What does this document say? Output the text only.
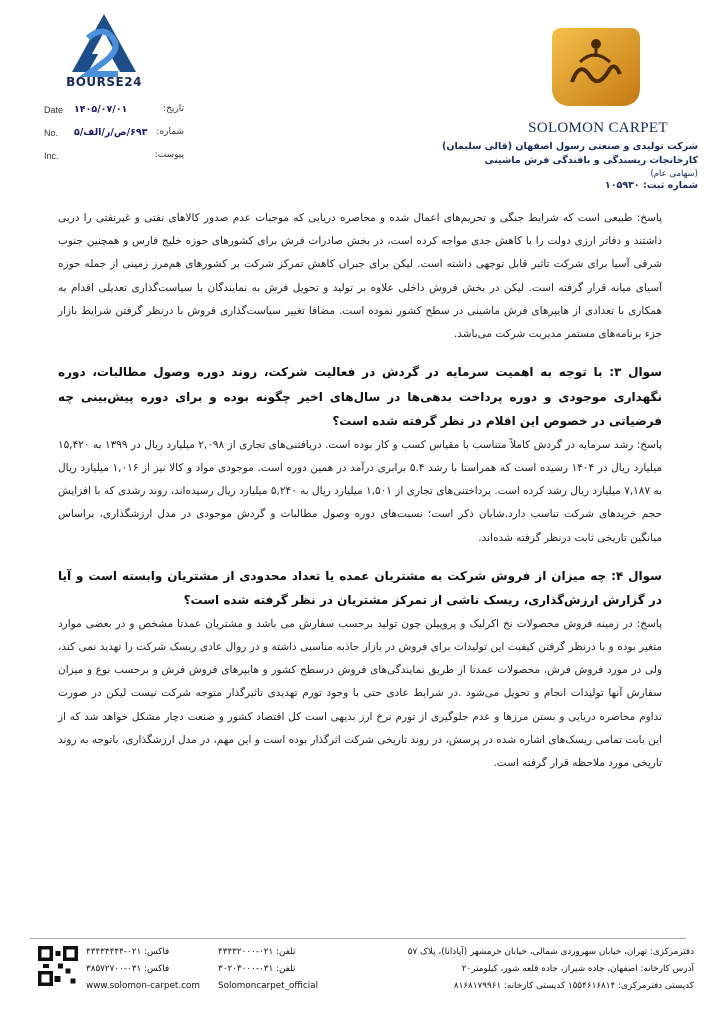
BOURSE24
SOLOMON CARPET
شرکت تولیدی و صنعتی رسول اصفهان (قالی سلیمان)
کارخانجات ریسندگی و بافندگی فرش ماشینی
(سهامی عام)
شماره ثبت: ۱۰۵۹۳۰
Date ۱۴۰۵/۰۷/۰۱	تاریخ:
No. ۶۹۳/ص/ر/الف/۵ شماره:
Inc.	پیوست:

پاسخ: طبیعی است که شرایط جنگی و تحریم‌های اعمال شده و محاصره دریایی که موجبات عدم صدور کالاهای نفتی و غیرنفتی را دربی داشتند و دفاتر ارزی دولت را با کاهش جدی مواجه کرده است، در بخش صادرات فرش برای کشورهای حوزه خلیج فارس و همچنین جنوب شرقی آسیا برای شرکت تاثیر قابل توجهی داشته است. لیکن برای جبران کاهش تمرکز شرکت بر کشورهای هم‌مرز زمینی از جمله حوزه آسیای میانه قرار گرفته است. لیکن در بخش فروش داخلی علاوه بر تولید و تحویل فرش به نمایندگان با سیاست‌گذاری تعدیلی اقدام به همکاری با تعدادی از هایپرهای فرش ماشینی در سطح کشور نموده است. مضافا تغییر سیاست‌گذاری فروش با درنظر گرفتن شرایط بازار جزء برنامه‌های مستمر مدیریت شرکت می‌باشد.

سوال ۳: با توجه به اهمیت سرمایه در گردش در فعالیت شرکت، روند دوره وصول مطالبات، دوره نگهداری موجودی و دوره پرداخت بدهی‌ها در سال‌های اخیر چگونه بوده و برای دوره پیش‌بینی چه فرضیاتی در خصوص این اقلام در نظر گرفته شده است؟

پاسخ: رشد سرمایه در گردش کاملاً متناسب با مقیاس کسب و کار بوده است. دریافتنی‌های تجاری از ۲,۰۹۸ میلیارد ریال در ۱۳۹۹ به ۱۵,۴۲۰ میلیارد ریال در ۱۴۰۴ رسیده است که همراستا با رشد ۵.۴ برابری درآمد در همین دوره است. موجودی مواد و کالا نیز از ۱,۰۱۶ میلیارد ریال به ۷,۱۸۷ میلیارد ریال رشد کرده است. پرداختنی‌های تجاری از ۱,۵۰۱ میلیارد ریال به ۵,۲۴۰ میلیارد ریال رسیده‌اند، روند رشدی که با افزایش حجم خریدهای شرکت تناسب دارد.شایان ذکر است؛ نسبت‌های دوره وصول مطالبات و گردش موجودی در مدل ارزشگذاری، براساس میانگین تاریخی ثابت درنظر گرفته شده‌اند.

سوال ۴: چه میزان از فروش شرکت به مشتریان عمده یا تعداد محدودی از مشتریان وابسته است و آیا در گزارش ارزش‌گذاری، ریسک ناشی از تمرکز مشتریان در نظر گرفته شده است؟

پاسخ: در زمینه فروش محصولات نخ اکرلیک و پروپیلن چون تولید برحسب سفارش می باشد و مشتریان عمدتا مشخص و در بعضی موارد متغیر بوده و با درنظر گرفتن کیفیت این تولیدات برای فروش در بازار جاذبه مناسبی داشته و در روال عادی ریسک شرکت را تهدید نمی کند، ولی در مورد فروش فرش، محصولات عمدتا از طریق نمایندگی‌های فروش درسطح کشور و هایپرهای فروش فرش و برحسب نوع و میزان سفارش آنها تولیدات انجام و تحویل می‌شود .در شرایط عادی حتی با وجود تورم تهدیدی تاثیرگذار متوجه شرکت نیست لیکن در صورت تداوم محاصره دریایی و بستن مرزها و عدم جلوگیری از تورم نرخ ارز بدیهی است کل اقتصاد کشور و صنعت دچار مشکل خواهد شد که از این بابت تمامی ریسک‌های اشاره شده در پرسش، در روند تاریخی شرکت اثرگذار بوده است و این مهم، در مدل ارزشگذاری، باتوجه به روند تاریخی مورد ملاحظه قرار گرفته است.

فاکس: ۰۲۱-۴۳۴۳۴۴۴۴
فاکس: ۰۳۱-۳۸۵۷۲۷۰۰
www.solomon-carpet.com
تلفن: ۰۲۱-۴۳۴۳۲۰۰۰
تلفن: ۰۳۱-۳۰۲۰۳۰۰۰
Solomoncarpet_official
دفترمرکزی: تهران، خیابان سهروردی شمالی، خیابان خرمشهر (آپادانا)، پلاک ۵۷
آدرس کارخانه: اصفهان، جاده شیراز، جاده قلعه شور، کیلومتر۲۰
کدپستی دفترمرکزی: ۱۵۵۴۶۱۶۸۱۴ کدپستی کارخانه: ۸۱۶۸۱۷۹۹۶۱
